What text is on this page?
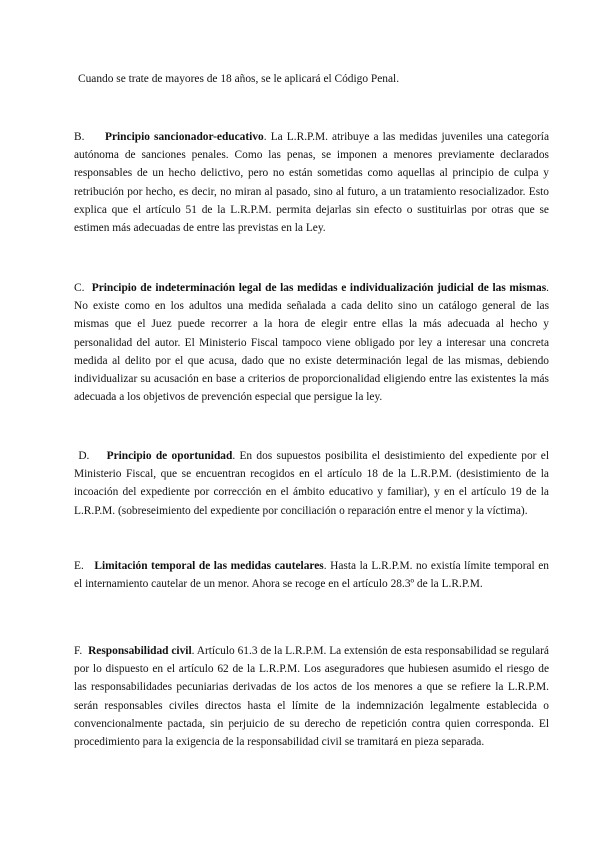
Cuando se trate de mayores de 18 años, se le aplicará el Código Penal.

B. Principio sancionador-educativo. La L.R.P.M. atribuye a las medidas juveniles una categoría autónoma de sanciones penales. Como las penas, se imponen a menores previamente declarados responsables de un hecho delictivo, pero no están sometidas como aquellas al principio de culpa y retribución por hecho, es decir, no miran al pasado, sino al futuro, a un tratamiento resocializador. Esto explica que el artículo 51 de la L.R.P.M. permita dejarlas sin efecto o sustituirlas por otras que se estimen más adecuadas de entre las previstas en la Ley.

C. Principio de indeterminación legal de las medidas e individualización judicial de las mismas. No existe como en los adultos una medida señalada a cada delito sino un catálogo general de las mismas que el Juez puede recorrer a la hora de elegir entre ellas la más adecuada al hecho y personalidad del autor. El Ministerio Fiscal tampoco viene obligado por ley a interesar una concreta medida al delito por el que acusa, dado que no existe determinación legal de las mismas, debiendo individualizar su acusación en base a criterios de proporcionalidad eligiendo entre las existentes la más adecuada a los objetivos de prevención especial que persigue la ley.

D. Principio de oportunidad. En dos supuestos posibilita el desistimiento del expediente por el Ministerio Fiscal, que se encuentran recogidos en el artículo 18 de la L.R.P.M. (desistimiento de la incoación del expediente por corrección en el ámbito educativo y familiar), y en el artículo 19 de la L.R.P.M. (sobreseimiento del expediente por conciliación o reparación entre el menor y la víctima).

E. Limitación temporal de las medidas cautelares. Hasta la L.R.P.M. no existía límite temporal en el internamiento cautelar de un menor. Ahora se recoge en el artículo 28.3º de la L.R.P.M.

F. Responsabilidad civil. Artículo 61.3 de la L.R.P.M. La extensión de esta responsabilidad se regulará por lo dispuesto en el artículo 62 de la L.R.P.M. Los aseguradores que hubiesen asumido el riesgo de las responsabilidades pecuniarias derivadas de los actos de los menores a que se refiere la L.R.P.M. serán responsables civiles directos hasta el límite de la indemnización legalmente establecida o convencionalmente pactada, sin perjuicio de su derecho de repetición contra quien corresponda. El procedimiento para la exigencia de la responsabilidad civil se tramitará en pieza separada.
